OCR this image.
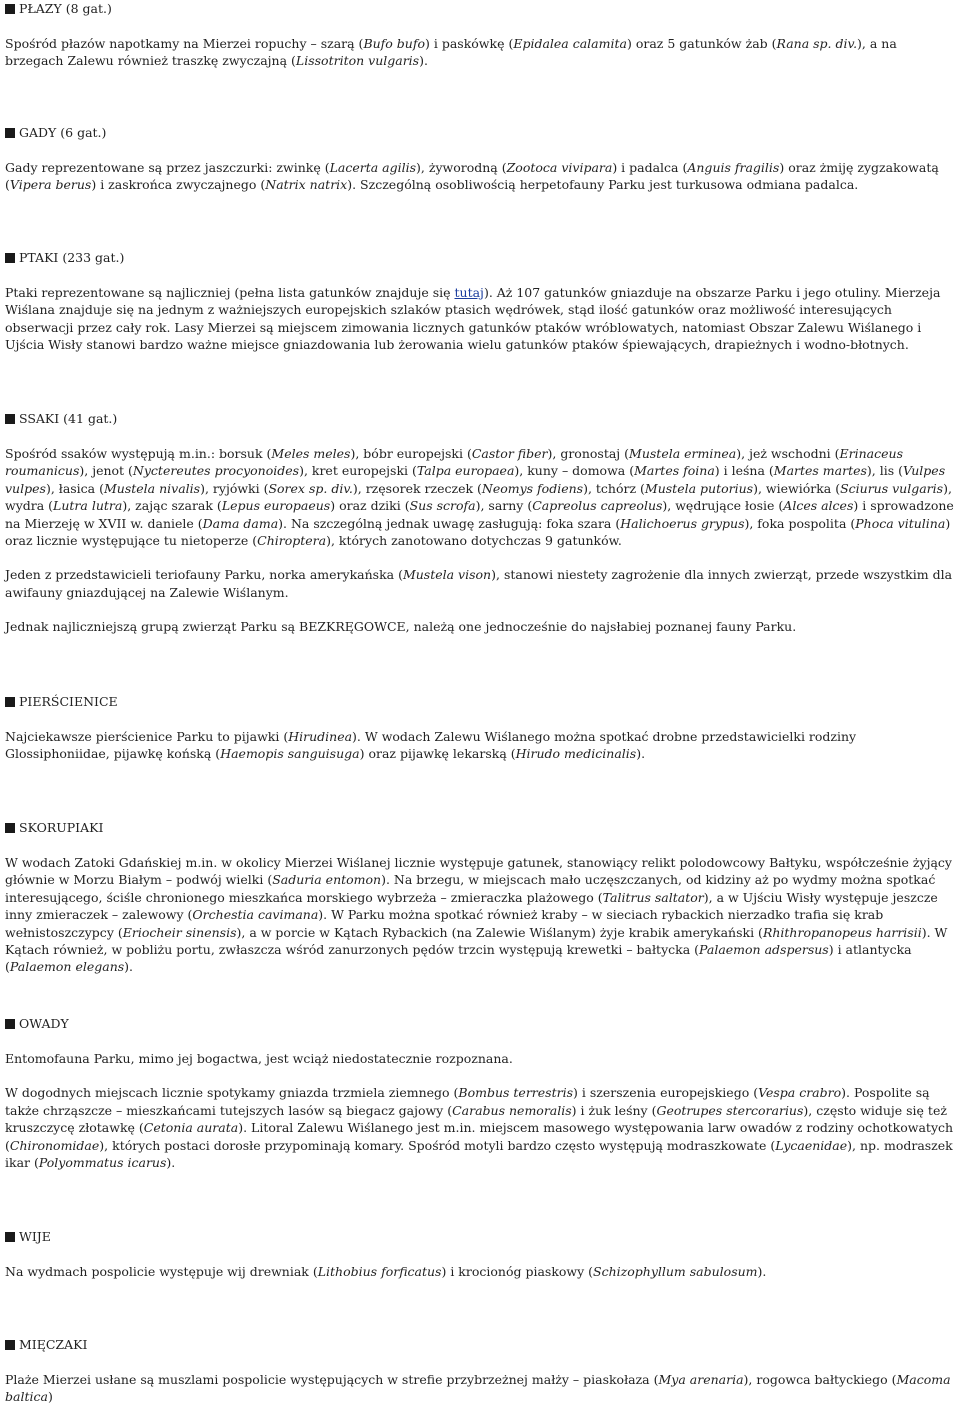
PŁAZY (8 gat.)

Spośród płazów napotkamy na Mierzei ropuchy – szarą (Bufo bufo) i paskówkę (Epidalea calamita) oraz 5 gatunków żab (Rana sp. div.), a na brzegach Zalewu również traszkę zwyczajną (Lissotriton vulgaris).

GADY (6 gat.)

Gady reprezentowane są przez jaszczurki: zwinkę (Lacerta agilis), żyworodną (Zootoca vivipara) i padalca (Anguis fragilis) oraz żmiję zygzakowatą (Vipera berus) i zaskrońca zwyczajnego (Natrix natrix). Szczególną osobliwością herpetofauny Parku jest turkusowa odmiana padalca.

PTAKI (233 gat.)

Ptaki reprezentowane są najliczniej (pełna lista gatunków znajduje się tutaj). Aż 107 gatunków gniazduje na obszarze Parku i jego otuliny. Mierzeja Wiślana znajduje się na jednym z ważniejszych europejskich szlaków ptasich wędrówek, stąd ilość gatunków oraz możliwość interesujących obserwacji przez cały rok. Lasy Mierzei są miejscem zimowania licznych gatunków ptaków wróblowatych, natomiast Obszar Zalewu Wiślanego i Ujścia Wisły stanowi bardzo ważne miejsce gniazdowania lub żerowania wielu gatunków ptaków śpiewających, drapieżnych i wodno-błotnych.

SSAKI (41 gat.)

Spośród ssaków występują m.in.: borsuk (Meles meles), bóbr europejski (Castor fiber), gronostaj (Mustela erminea), jeż wschodni (Erinaceus roumanicus), jenot (Nyctereutes procyonoides), kret europejski (Talpa europaea), kuny – domowa (Martes foina) i leśna (Martes martes), lis (Vulpes vulpes), łasica (Mustela nivalis), ryjówki (Sorex sp. div.), rzęsorek rzeczek (Neomys fodiens), tchórz (Mustela putorius), wiewiórka (Sciurus vulgaris), wydra (Lutra lutra), zając szarak (Lepus europaeus) oraz dziki (Sus scrofa), sarny (Capreolus capreolus), wędrujące łosie (Alces alces) i sprowadzone na Mierzeję w XVII w. daniele (Dama dama). Na szczególną jednak uwagę zasługują: foka szara (Halichoerus grypus), foka pospolita (Phoca vitulina) oraz licznie występujące tu nietoperze (Chiroptera), których zanotowano dotychczas 9 gatunków.

Jeden z przedstawicieli teriofauny Parku, norka amerykańska (Mustela vison), stanowi niestety zagrożenie dla innych zwierząt, przede wszystkim dla awifauny gniazdującej na Zalewie Wiślanym.

Jednak najliczniejszą grupą zwierząt Parku są BEZKRĘGOWCE, należą one jednocześnie do najsłabiej poznanej fauny Parku.

PIERŚCIENICE

Najciekawsze pierścienice Parku to pijawki (Hirudinea). W wodach Zalewu Wiślanego można spotkać drobne przedstawicielki rodziny Glossiphoniidae, pijawkę końską (Haemopis sanguisuga) oraz pijawkę lekarską (Hirudo medicinalis).

SKORUPIAKI

W wodach Zatoki Gdańskiej m.in. w okolicy Mierzei Wiślanej licznie występuje gatunek, stanowiący relikt polodowcowy Bałtyku, współcześnie żyjący głównie w Morzu Białym – podwój wielki (Saduria entomon). Na brzegu, w miejscach mało uczęszczanych, od kidziny aż po wydmy można spotkać interesującego, ściśle chronionego mieszkańca morskiego wybrzeża – zmieraczka plażowego (Talitrus saltator), a w Ujściu Wisły występuje jeszcze inny zmieraczek – zalewowy (Orchestia cavimana). W Parku można spotkać również kraby – w sieciach rybackich nierzadko trafia się krab wełnistoszczypcy (Eriocheir sinensis), a w porcie w Kątach Rybackich (na Zalewie Wiślanym) żyje krabik amerykański (Rhithropanopeus harrisii). W Kątach również, w pobliżu portu, zwłaszcza wśród zanurzonych pędów trzcin występują krewetki – bałtycka (Palaemon adspersus) i atlantycka (Palaemon elegans).

OWADY

Entomofauna Parku, mimo jej bogactwa, jest wciąż niedostatecznie rozpoznana.

W dogodnych miejscach licznie spotykamy gniazda trzmiela ziemnego (Bombus terrestris) i szerszenia europejskiego (Vespa crabro). Pospolite są także chrząszcze – mieszkańcami tutejszych lasów są biegacz gajowy (Carabus nemoralis) i żuk leśny (Geotrupes stercorarius), często widuje się też kruszczycę złotawkę (Cetonia aurata). Litoral Zalewu Wiślanego jest m.in. miejscem masowego występowania larw owadów z rodziny ochotkowatych (Chironomidae), których postaci dorosłe przypominają komary. Spośród motyli bardzo często występują modraszkowate (Lycaenidae), np. modraszek ikar (Polyommatus icarus).

WIJE

Na wydmach pospolicie występuje wij drewniak (Lithobius forficatus) i krocionóg piaskowy (Schizophyllum sabulosum).

MIĘCZAKI

Plaże Mierzei usłane są muszlami pospolicie występujących w strefie przybrzeżnej małży – piaskołaza (Mya arenaria), rogowca bałtyckiego (Macoma baltica)
